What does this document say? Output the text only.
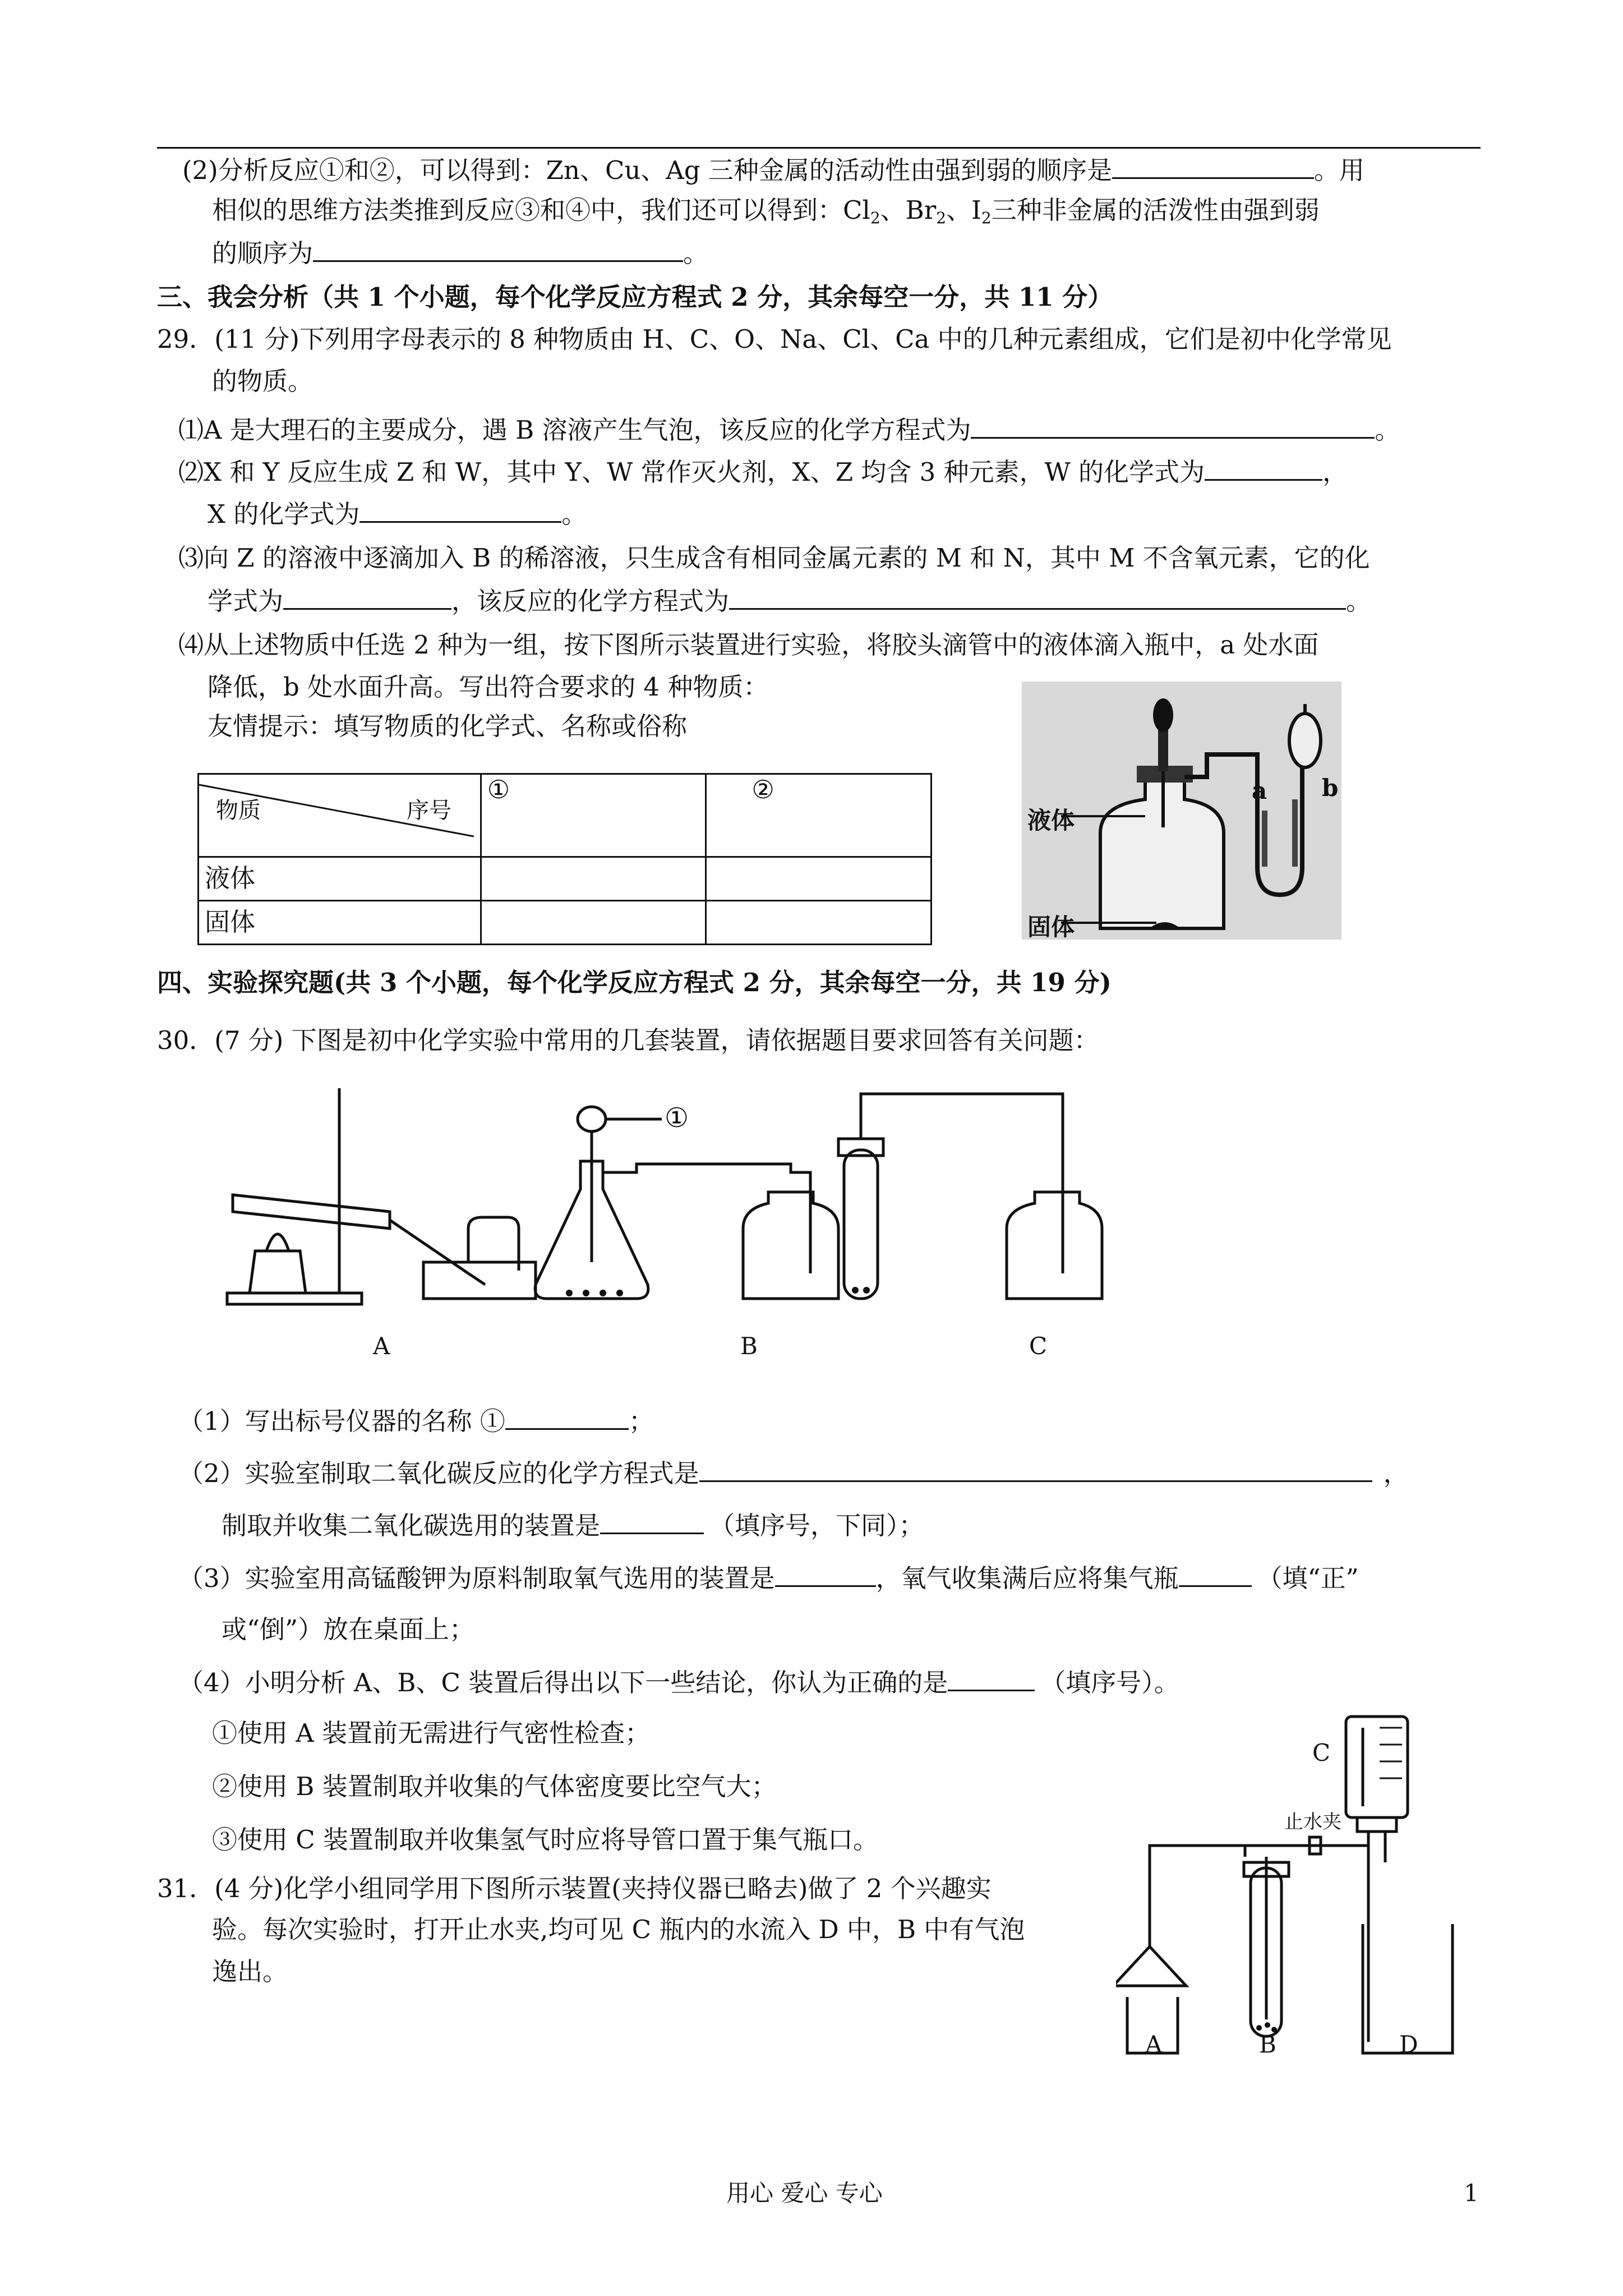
(2)分析反应①和②，可以得到：Zn、Cu、Ag 三种金属的活动性由强到弱的顺序是	。用
相似的思维方法类推到反应③和④中，我们还可以得到：$Cl_2$、$Br_2$、$I_2$三种非金属的活泼性由强到弱
的顺序为	。
三、我会分析（共 1 个小题，每个化学反应方程式 2 分，其余每空一分，共 11 分）
29．(11 分)下列用字母表示的 8 种物质由 H、C、O、Na、Cl、Ca 中的几种元素组成，它们是初中化学常见
的物质。
⑴A 是大理石的主要成分，遇 B 溶液产生气泡，该反应的化学方程式为	。
⑵X 和 Y 反应生成 Z 和 W，其中 Y、W 常作灭火剂，X、Z 均含 3 种元素，W 的化学式为	，
X 的化学式为	。
⑶向 Z 的溶液中逐滴加入 B 的稀溶液，只生成含有相同金属元素的 M 和 N，其中 M 不含氧元素，它的化
学式为	，该反应的化学方程式为	。
⑷从上述物质中任选 2 种为一组，按下图所示装置进行实验，将胶头滴管中的液体滴入瓶中，a 处水面
降低，b 处水面升高。写出符合要求的 4 种物质：
友情提示：填写物质的化学式、名称或俗称
物质 序号	①	②
液体		
固体		
液体
固体
a b
四、实验探究题(共 3 个小题，每个化学反应方程式 2 分，其余每空一分，共 19 分)
30．(7 分) 下图是初中化学实验中常用的几套装置，请依据题目要求回答有关问题：
①
A	B	C
（1）写出标号仪器的名称 ①	；
（2）实验室制取二氧化碳反应的化学方程式是	，
制取并收集二氧化碳选用的装置是	（填序号，下同）；
（3）实验室用高锰酸钾为原料制取氧气选用的装置是	，氧气收集满后应将集气瓶	（填“正”
或“倒”）放在桌面上；
（4）小明分析 A、B、C 装置后得出以下一些结论，你认为正确的是	（填序号）。
①使用 A 装置前无需进行气密性检查；
②使用 B 装置制取并收集的气体密度要比空气大；
③使用 C 装置制取并收集氢气时应将导管口置于集气瓶口。
31．(4 分)化学小组同学用下图所示装置(夹持仪器已略去)做了 2 个兴趣实
验。每次实验时，打开止水夹,均可见 C 瓶内的水流入 D 中，B 中有气泡
逸出。
C
止水夹
A	B	D
用心 爱心 专心	1
